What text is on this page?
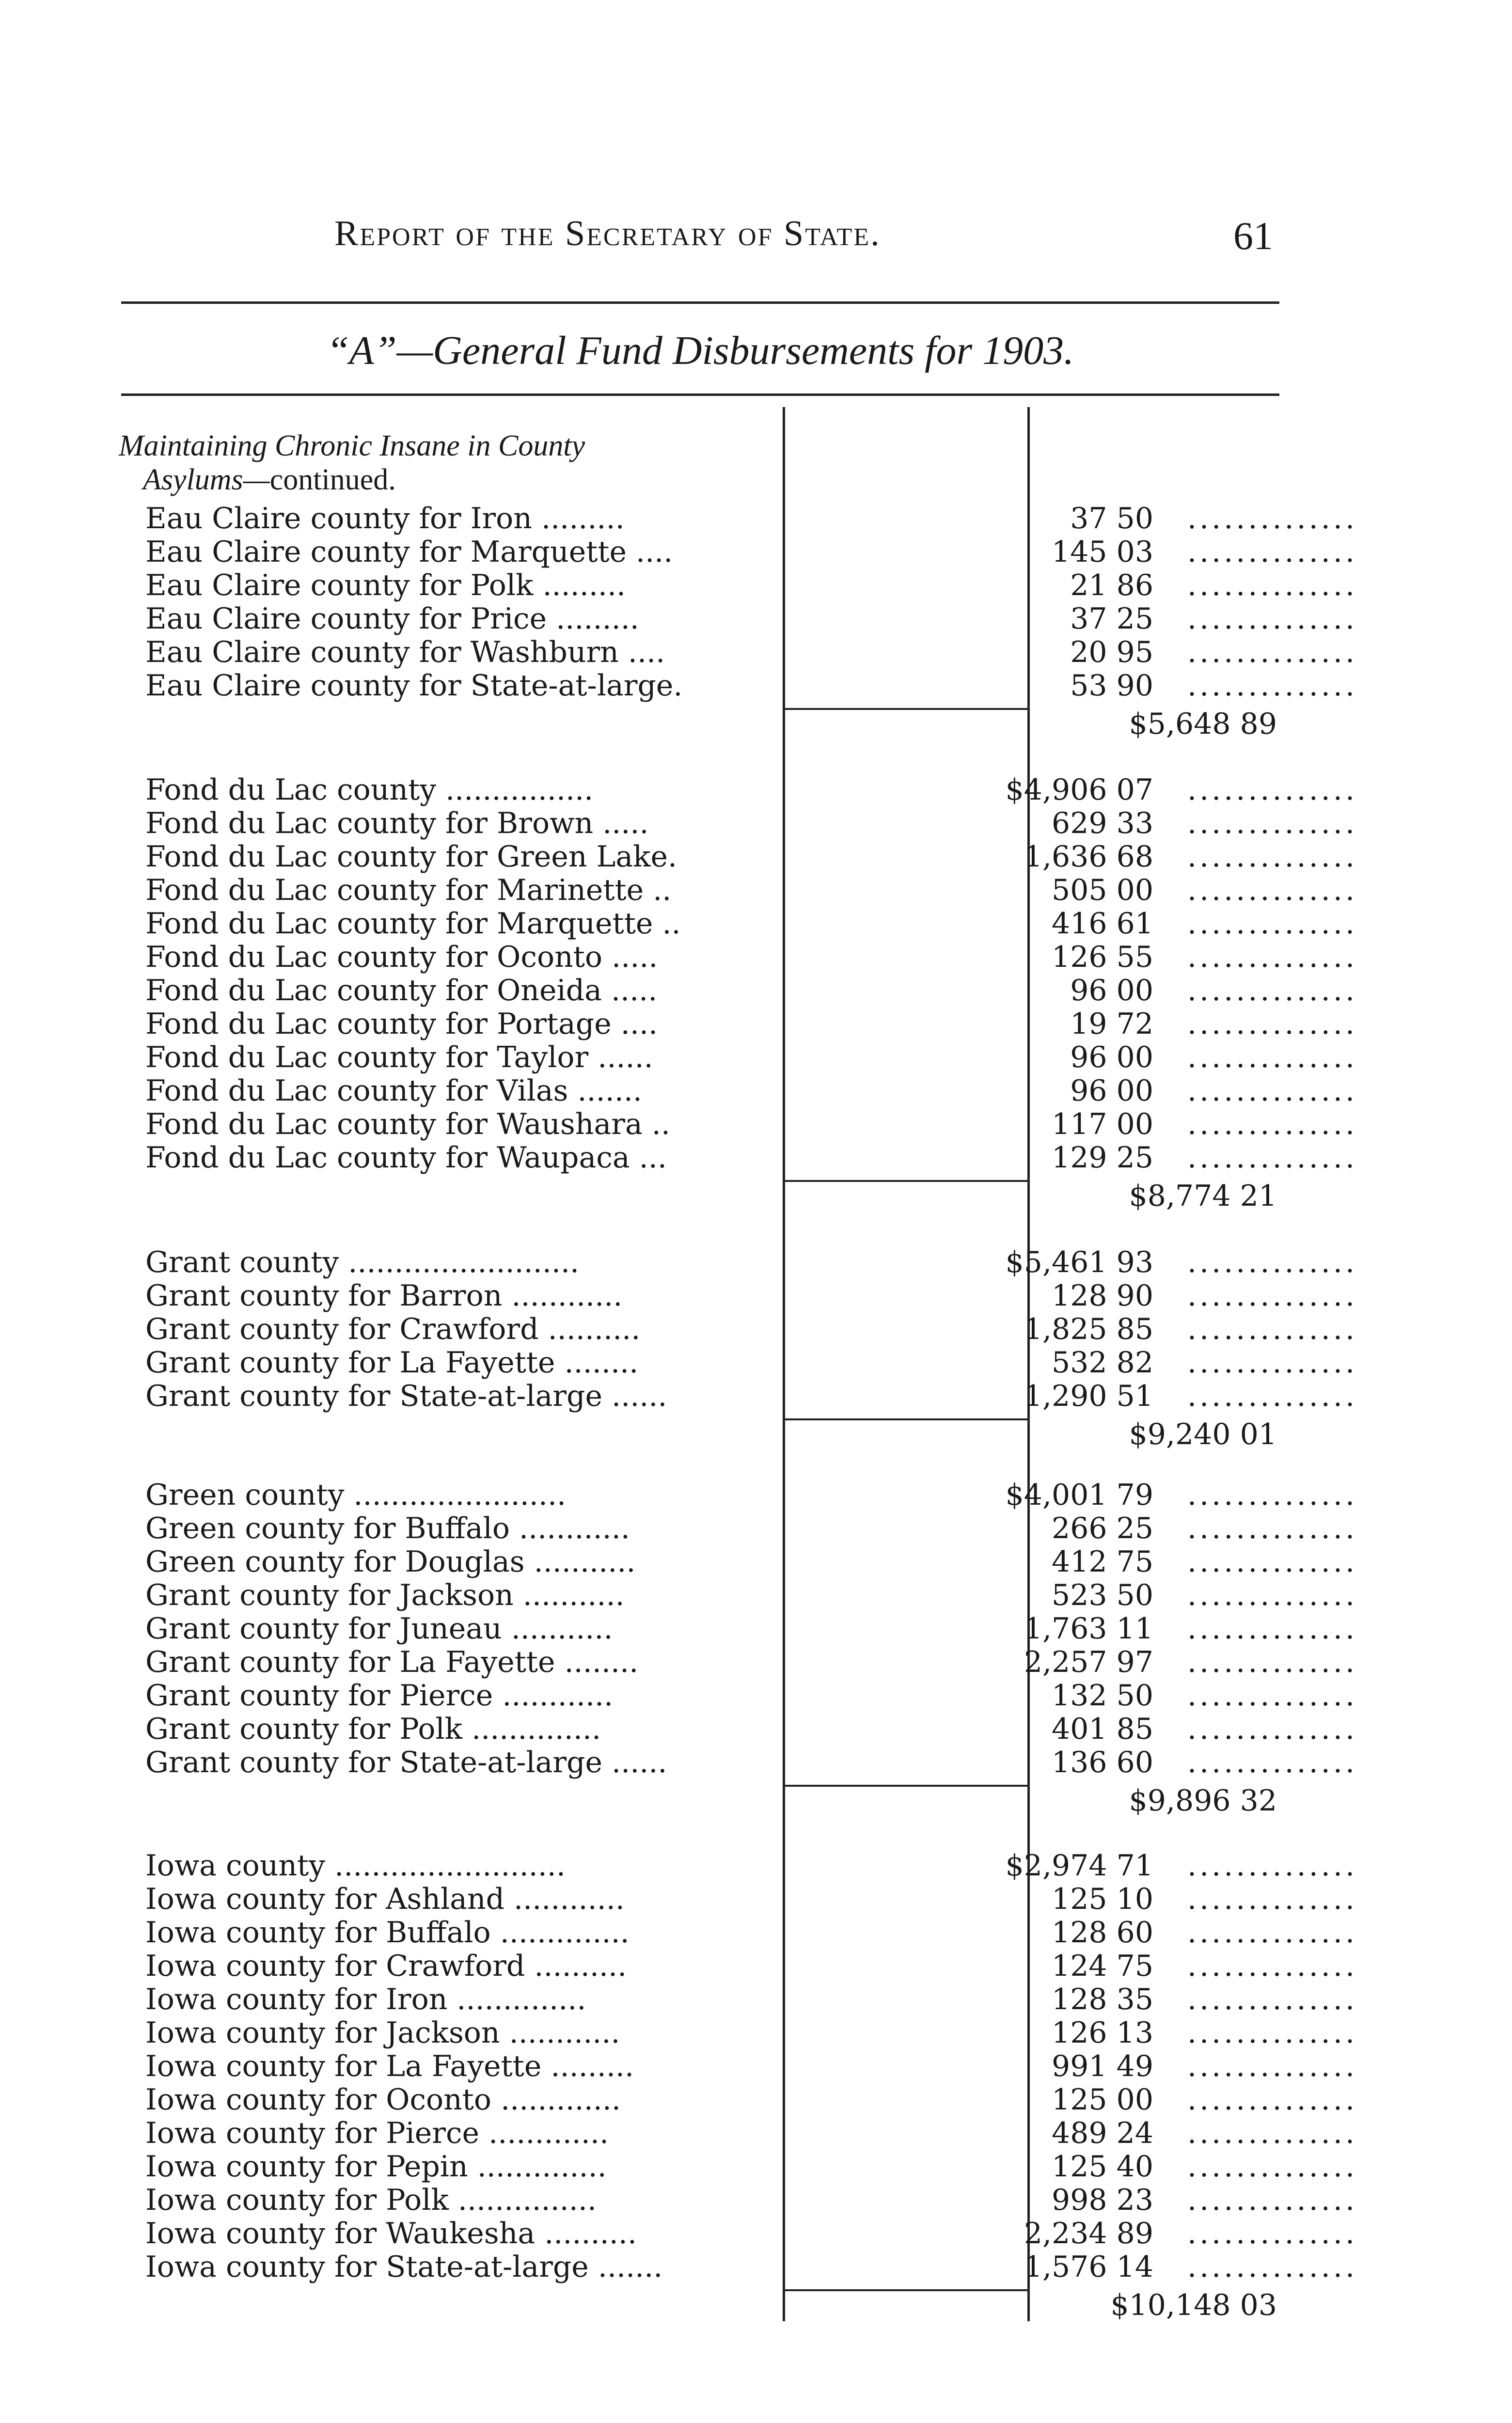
Report of the Secretary of State.	61
“A”—General Fund Disbursements for 1903.
Maintaining Chronic Insane in County
Asylums—continued.
Eau Claire county for Iron .........	37 50 ..............
Eau Claire county for Marquette ....	145 03 ..............
Eau Claire county for Polk .........	21 86 ..............
Eau Claire county for Price .........	37 25 ..............
Eau Claire county for Washburn ....	20 95 ..............
Eau Claire county for State-at-large.	53 90 ..............
$5,648 89
Fond du Lac county ................	$4,906 07 ..............
Fond du Lac county for Brown .....	629 33 ..............
Fond du Lac county for Green Lake.	1,636 68 ..............
Fond du Lac county for Marinette ..	505 00 ..............
Fond du Lac county for Marquette ..	416 61 ..............
Fond du Lac county for Oconto .....	126 55 ..............
Fond du Lac county for Oneida .....	96 00 ..............
Fond du Lac county for Portage ....	19 72 ..............
Fond du Lac county for Taylor ......	96 00 ..............
Fond du Lac county for Vilas .......	96 00 ..............
Fond du Lac county for Waushara ..	117 00 ..............
Fond du Lac county for Waupaca ...	129 25 ..............
$8,774 21
Grant county .........................	$5,461 93 ..............
Grant county for Barron ............	128 90 ..............
Grant county for Crawford ..........	1,825 85 ..............
Grant county for La Fayette ........	532 82 ..............
Grant county for State-at-large ......	1,290 51 ..............
$9,240 01
Green county .......................	$4,001 79 ..............
Green county for Buffalo ............	266 25 ..............
Green county for Douglas ...........	412 75 ..............
Grant county for Jackson ...........	523 50 ..............
Grant county for Juneau ...........	1,763 11 ..............
Grant county for La Fayette ........	2,257 97 ..............
Grant county for Pierce ............	132 50 ..............
Grant county for Polk ..............	401 85 ..............
Grant county for State-at-large ......	136 60 ..............
$9,896 32
Iowa county .........................	$2,974 71 ..............
Iowa county for Ashland ............	125 10 ..............
Iowa county for Buffalo ..............	128 60 ..............
Iowa county for Crawford ..........	124 75 ..............
Iowa county for Iron ..............	128 35 ..............
Iowa county for Jackson ............	126 13 ..............
Iowa county for La Fayette .........	991 49 ..............
Iowa county for Oconto .............	125 00 ..............
Iowa county for Pierce .............	489 24 ..............
Iowa county for Pepin ..............	125 40 ..............
Iowa county for Polk ...............	998 23 ..............
Iowa county for Waukesha ..........	2,234 89 ..............
Iowa county for State-at-large .......	1,576 14 ..............
$10,148 03
